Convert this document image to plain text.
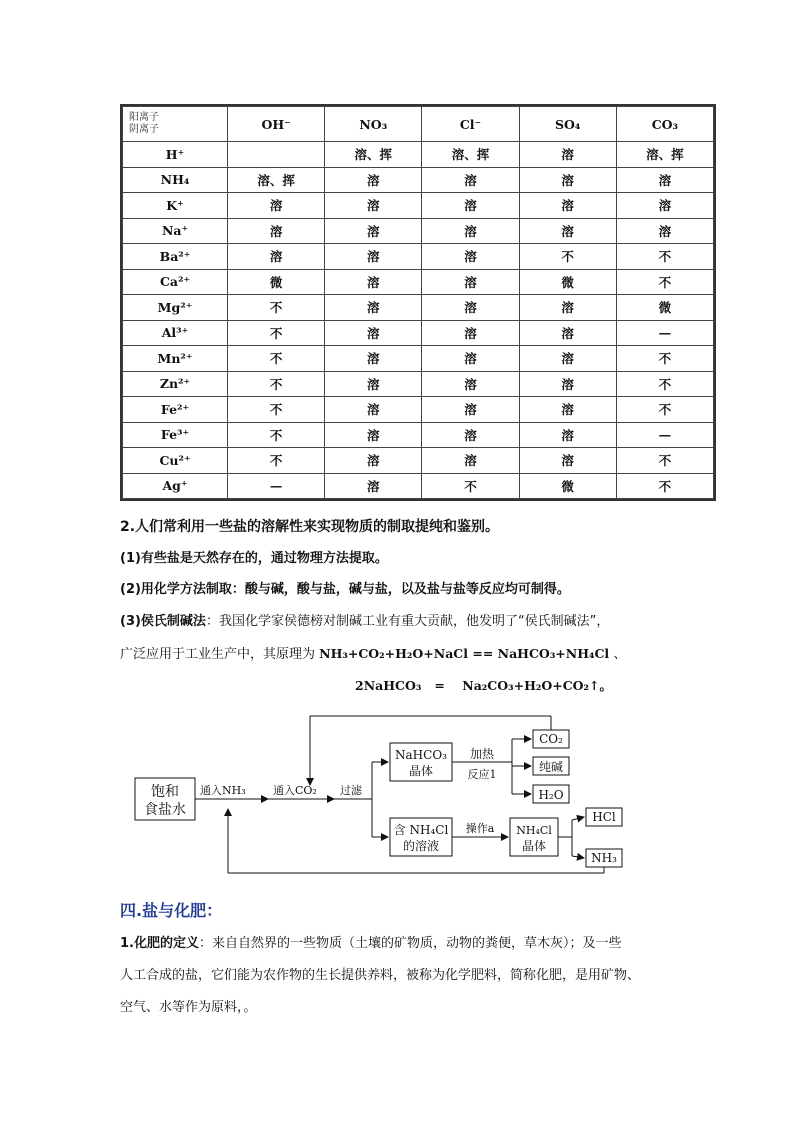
阳离子
阴离子	OH⁻	NO₃	Cl⁻	SO₄	CO₃
H⁺		溶、挥	溶、挥	溶	溶、挥
NH₄	溶、挥	溶	溶	溶	溶
K⁺	溶	溶	溶	溶	溶
Na⁺	溶	溶	溶	溶	溶
Ba²⁺	溶	溶	溶	不	不
Ca²⁺	微	溶	溶	微	不
Mg²⁺	不	溶	溶	溶	微
Al³⁺	不	溶	溶	溶	—
Mn²⁺	不	溶	溶	溶	不
Zn²⁺	不	溶	溶	溶	不
Fe²⁺	不	溶	溶	溶	不
Fe³⁺	不	溶	溶	溶	—
Cu²⁺	不	溶	溶	溶	不
Ag⁺	—	溶	不	微	不
2.人们常利用一些盐的溶解性来实现物质的制取提纯和鉴别。
(1)有些盐是天然存在的，通过物理方法提取。
(2)用化学方法制取：酸与碱，酸与盐，碱与盐，以及盐与盐等反应均可制得。
(3)侯氏制碱法：我国化学家侯德榜对制碱工业有重大贡献，他发明了“侯氏制碱法”，
广泛应用于工业生产中，其原理为 NH₃+CO₂+H₂O+NaCl == NaHCO₃+NH₄Cl 、
2NaHCO₃   =    Na₂CO₃+H₂O+CO₂↑。
饱和
食盐水
通入NH₃ 通入CO₂ 过滤
NaHCO₃
晶体
加热
反应1
CO₂
纯碱
H₂O
含 NH₄Cl
的溶液
操作a NH₄Cl
晶体
HCl
NH₃
四.盐与化肥：
1.化肥的定义：来自自然界的一些物质（土壤的矿物质，动物的粪便，草木灰）；及一些
人工合成的盐，它们能为农作物的生长提供养料，被称为化学肥料，简称化肥，是用矿物、
空气、水等作为原料，。
